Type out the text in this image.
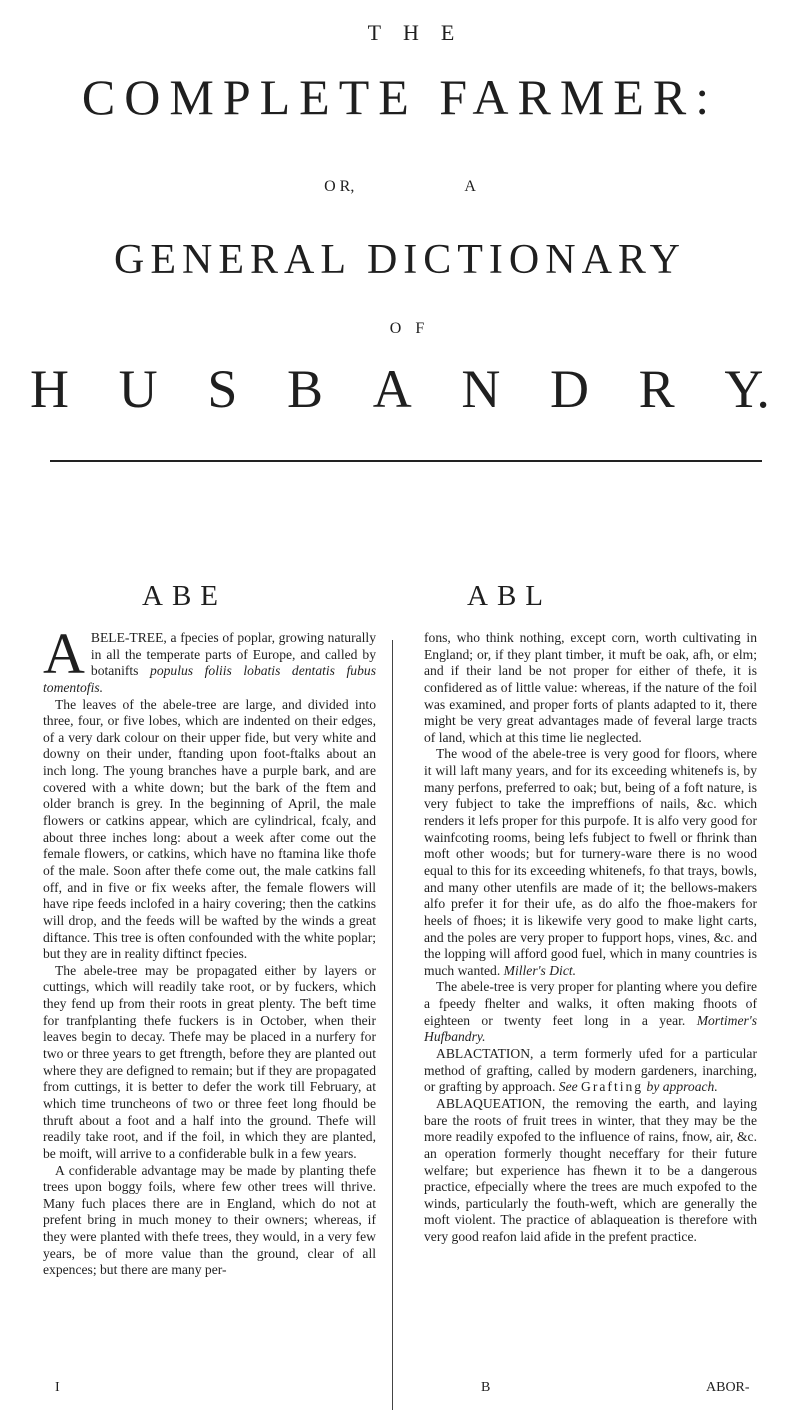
THE
COMPLETE FARMER:
O R,	A
GENERAL DICTIONARY
OF
H U S B A N D R Y.
ABE	ABL

ABELE-TREE, a fpecies of poplar, growing naturally in all the temperate parts of Europe, and called by botanifts populus foliis lobatis dentatis fubus tomentofis.

The leaves of the abele-tree are large, and divided into three, four, or five lobes, which are indented on their edges, of a very dark colour on their upper fide, but very white and downy on their under, ftanding upon foot-ftalks about an inch long. The young branches have a purple bark, and are covered with a white down; but the bark of the ftem and older branch is grey. In the beginning of April, the male flowers or catkins appear, which are cylindrical, fcaly, and about three inches long: about a week after come out the female flowers, or catkins, which have no ftamina like thofe of the male. Soon after thefe come out, the male catkins fall off, and in five or fix weeks after, the female flowers will have ripe feeds inclofed in a hairy covering; then the catkins will drop, and the feeds will be wafted by the winds a great diftance. This tree is often confounded with the white poplar; but they are in reality diftinct fpecies.

The abele-tree may be propagated either by layers or cuttings, which will readily take root, or by fuckers, which they fend up from their roots in great plenty. The beft time for tranfplanting thefe fuckers is in October, when their leaves begin to decay. Thefe may be placed in a nurfery for two or three years to get ftrength, before they are planted out where they are defigned to remain; but if they are propagated from cuttings, it is better to defer the work till February, at which time truncheons of two or three feet long fhould be thruft about a foot and a half into the ground. Thefe will readily take root, and if the foil, in which they are planted, be moift, will arrive to a confiderable bulk in a few years.

A confiderable advantage may be made by planting thefe trees upon boggy foils, where few other trees will thrive. Many fuch places there are in England, which do not at prefent bring in much money to their owners; whereas, if they were planted with thefe trees, they would, in a very few years, be of more value than the ground, clear of all expences; but there are many per-

fons, who think nothing, except corn, worth cultivating in England; or, if they plant timber, it muft be oak, afh, or elm; and if their land be not proper for either of thefe, it is confidered as of little value: whereas, if the nature of the foil was examined, and proper forts of plants adapted to it, there might be very great advantages made of feveral large tracts of land, which at this time lie neglected.

The wood of the abele-tree is very good for floors, where it will laft many years, and for its exceeding whitenefs is, by many perfons, preferred to oak; but, being of a foft nature, is very fubject to take the impreffions of nails, &c. which renders it lefs proper for this purpofe. It is alfo very good for wainfcoting rooms, being lefs fubject to fwell or fhrink than moft other woods; but for turnery-ware there is no wood equal to this for its exceeding whitenefs, fo that trays, bowls, and many other utenfils are made of it; the bellows-makers alfo prefer it for their ufe, as do alfo the fhoe-makers for heels of fhoes; it is likewife very good to make light carts, and the poles are very proper to fupport hops, vines, &c. and the lopping will afford good fuel, which in many countries is much wanted. Miller's Dict.

The abele-tree is very proper for planting where you defire a fpeedy fhelter and walks, it often making fhoots of eighteen or twenty feet long in a year. Mortimer's Hufbandry.

ABLACTATION, a term formerly ufed for a particular method of grafting, called by modern gardeners, inarching, or grafting by approach. See Grafting by approach.

ABLAQUEATION, the removing the earth, and laying bare the roots of fruit trees in winter, that they may be the more readily expofed to the influence of rains, fnow, air, &c. an operation formerly thought neceffary for their future welfare; but experience has fhewn it to be a dangerous practice, efpecially where the trees are much expofed to the winds, particularly the fouth-weft, which are generally the moft violent. The practice of ablaqueation is therefore with very good reafon laid afide in the prefent practice.

I	B	ABOR-
